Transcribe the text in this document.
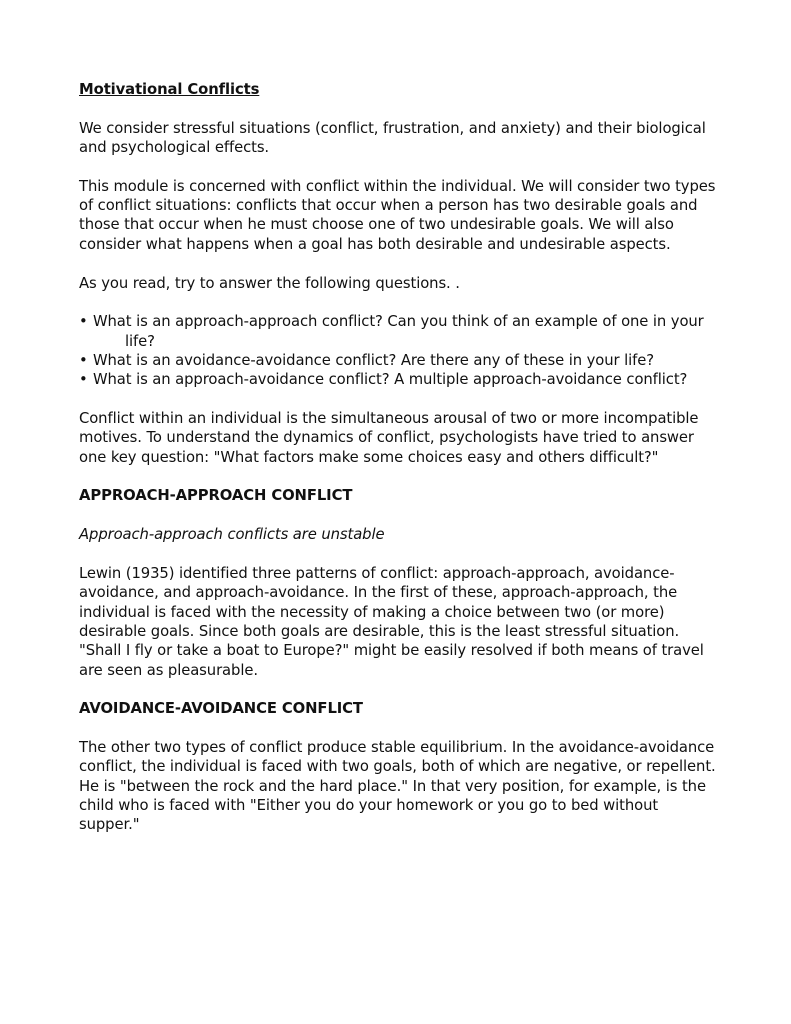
Motivational Conflicts

We consider stressful situations (conflict, frustration, and anxiety) and their biological and psychological effects.

This module is concerned with conflict within the individual. We will consider two types of conflict situations: conflicts that occur when a person has two desirable goals and those that occur when he must choose one of two undesirable goals. We will also consider what happens when a goal has both desirable and undesirable aspects.

As you read, try to answer the following questions. .

• What is an approach-approach conflict? Can you think of an example of one in your life?
• What is an avoidance-avoidance conflict? Are there any of these in your life?
• What is an approach-avoidance conflict? A multiple approach-avoidance conflict?

Conflict within an individual is the simultaneous arousal of two or more incompatible motives. To understand the dynamics of conflict, psychologists have tried to answer one key question: "What factors make some choices easy and others difficult?"

APPROACH-APPROACH CONFLICT

Approach-approach conflicts are unstable

Lewin (1935) identified three patterns of conflict: approach-approach, avoidance-avoidance, and approach-avoidance. In the first of these, approach-approach, the individual is faced with the necessity of making a choice between two (or more) desirable goals. Since both goals are desirable, this is the least stressful situation. "Shall I fly or take a boat to Europe?" might be easily resolved if both means of travel are seen as pleasurable.

AVOIDANCE-AVOIDANCE CONFLICT

The other two types of conflict produce stable equilibrium. In the avoidance-avoidance conflict, the individual is faced with two goals, both of which are negative, or repellent. He is "between the rock and the hard place." In that very position, for example, is the child who is faced with "Either you do your homework or you go to bed without supper."
